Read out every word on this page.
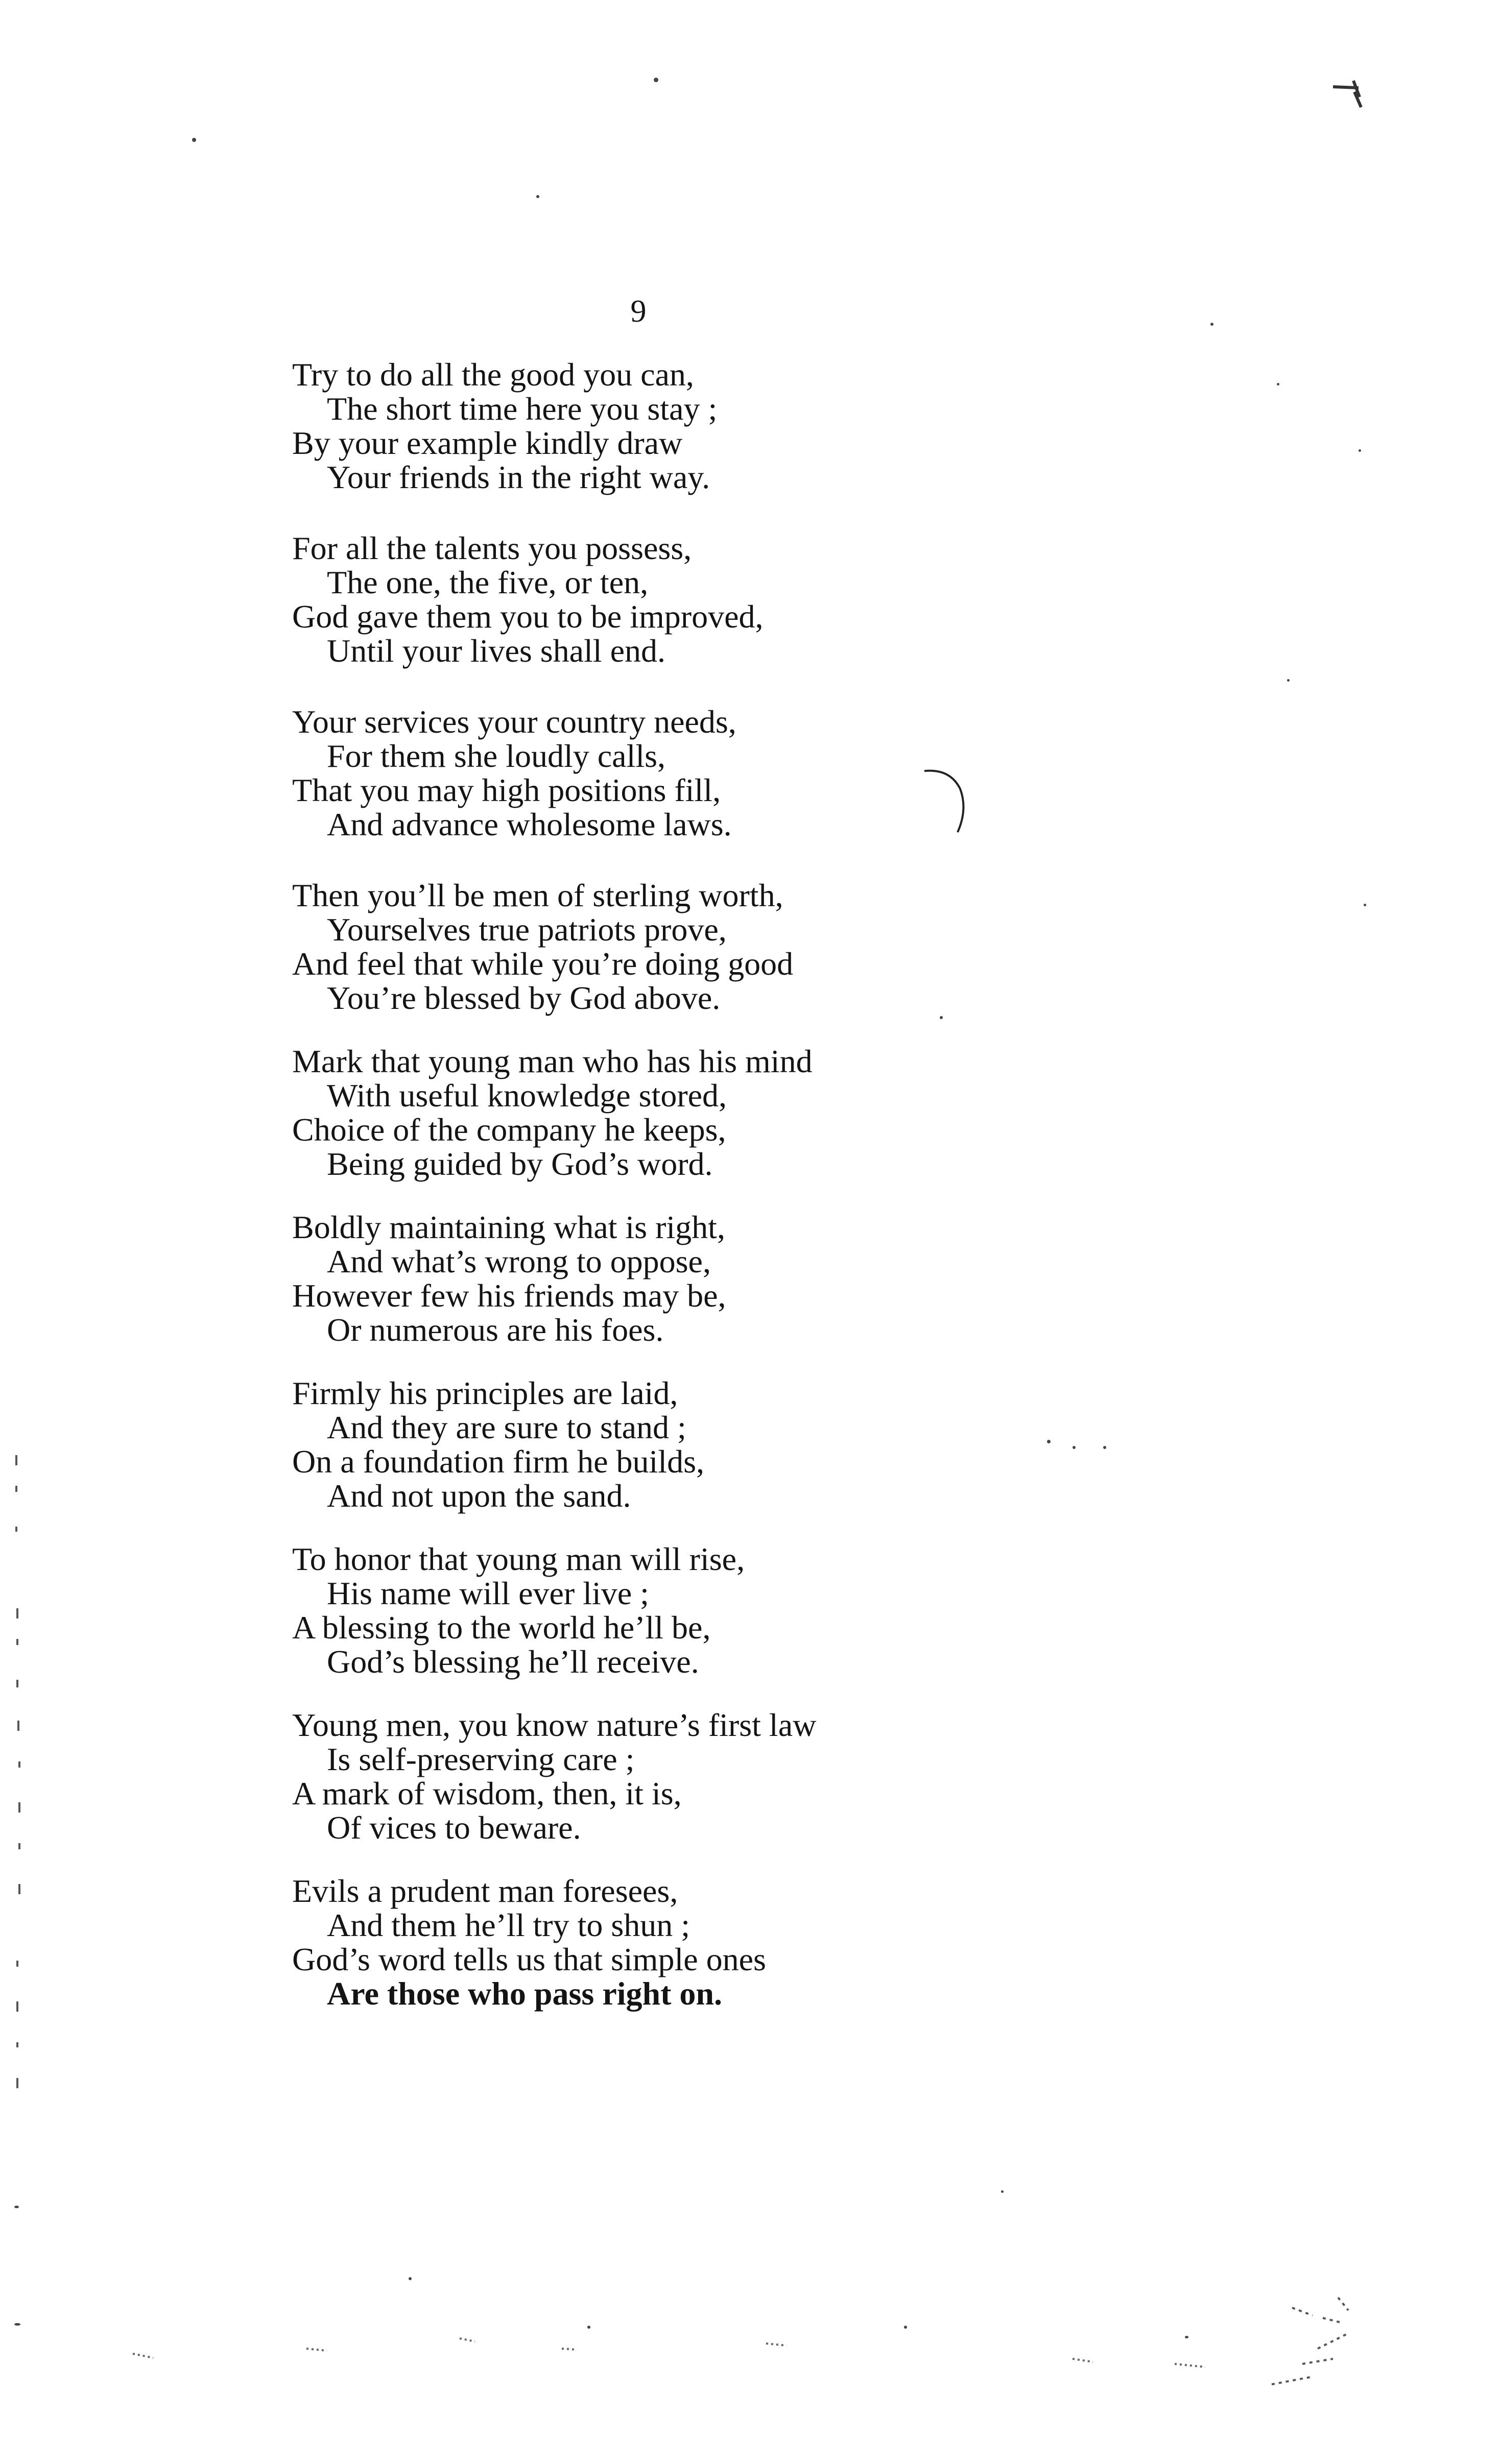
9
Try to do all the good you can,
The short time here you stay ;
By your example kindly draw
Your friends in the right way.
For all the talents you possess,
The one, the five, or ten,
God gave them you to be improved,
Until your lives shall end.
Your services your country needs,
For them she loudly calls,
That you may high positions fill,
And advance wholesome laws.
Then you’ll be men of sterling worth,
Yourselves true patriots prove,
And feel that while you’re doing good
You’re blessed by God above.
Mark that young man who has his mind
With useful knowledge stored,
Choice of the company he keeps,
Being guided by God’s word.
Boldly maintaining what is right,
And what’s wrong to oppose,
However few his friends may be,
Or numerous are his foes.
Firmly his principles are laid,
And they are sure to stand ;
On a foundation firm he builds,
And not upon the sand.
To honor that young man will rise,
His name will ever live ;
A blessing to the world he’ll be,
God’s blessing he’ll receive.
Young men, you know nature’s first law
Is self-preserving care ;
A mark of wisdom, then, it is,
Of vices to beware.
Evils a prudent man foresees,
And them he’ll try to shun ;
God’s word tells us that simple ones
Are those who pass right on.
